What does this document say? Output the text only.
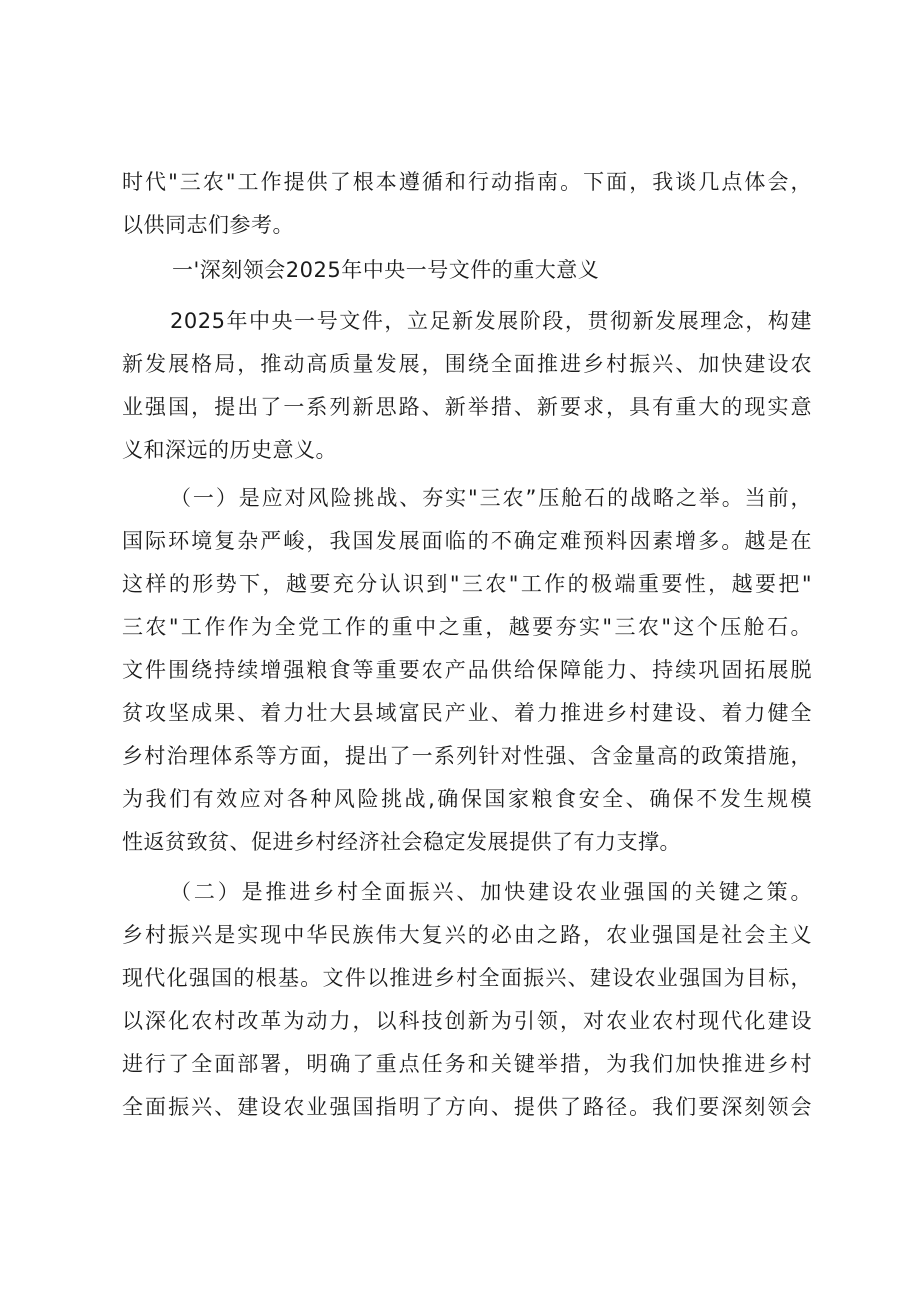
时代"三农"工作提供了根本遵循和行动指南。下面，我谈几点体会，
以供同志们参考。
一'深刻领会2025年中央一号文件的重大意义
2025年中央一号文件，立足新发展阶段，贯彻新发展理念，构建
新发展格局，推动高质量发展，围绕全面推进乡村振兴、加快建设农
业强国，提出了一系列新思路、新举措、新要求，具有重大的现实意
义和深远的历史意义。
（一）是应对风险挑战、夯实"三农”压舱石的战略之举。当前，
国际环境复杂严峻，我国发展面临的不确定难预料因素增多。越是在
这样的形势下，越要充分认识到"三农"工作的极端重要性，越要把"
三农"工作作为全党工作的重中之重，越要夯实"三农"这个压舱石。
文件围绕持续增强粮食等重要农产品供给保障能力、持续巩固拓展脱
贫攻坚成果、着力壮大县域富民产业、着力推进乡村建设、着力健全
乡村治理体系等方面，提出了一系列针对性强、含金量高的政策措施，
为我们有效应对各种风险挑战,确保国家粮食安全、确保不发生规模
性返贫致贫、促进乡村经济社会稳定发展提供了有力支撑。
（二）是推进乡村全面振兴、加快建设农业强国的关键之策。
乡村振兴是实现中华民族伟大复兴的必由之路，农业强国是社会主义
现代化强国的根基。文件以推进乡村全面振兴、建设农业强国为目标，
以深化农村改革为动力，以科技创新为引领，对农业农村现代化建设
进行了全面部署，明确了重点任务和关键举措，为我们加快推进乡村
全面振兴、建设农业强国指明了方向、提供了路径。我们要深刻领会
